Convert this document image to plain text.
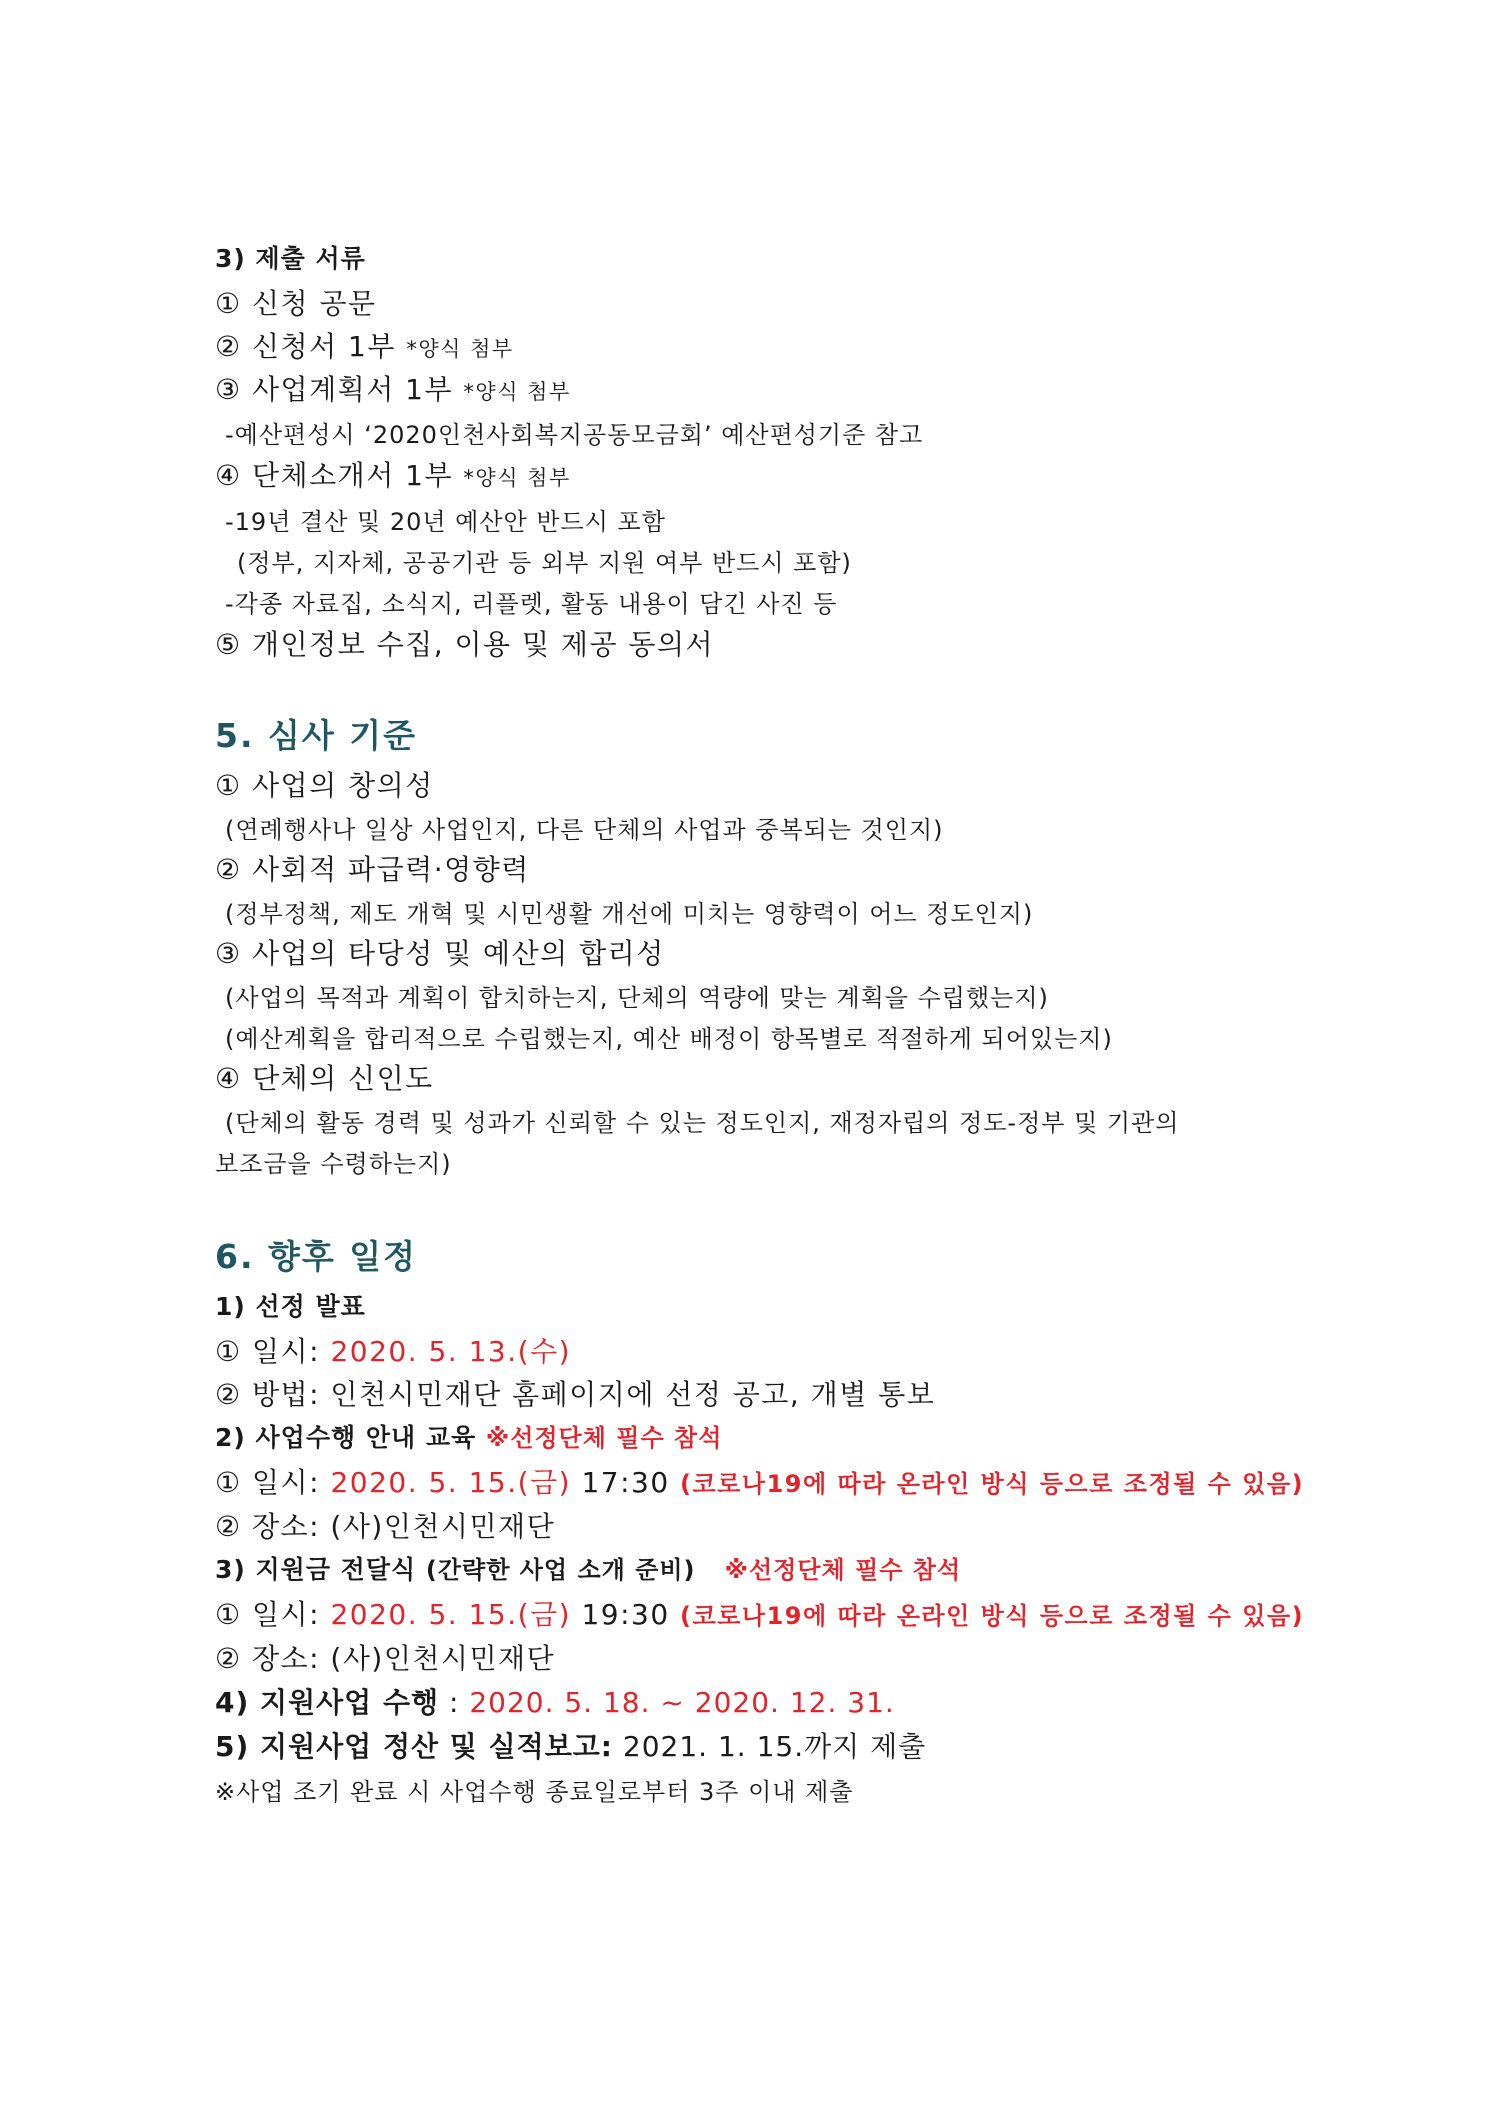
3) 제출 서류
① 신청 공문
② 신청서 1부 *양식 첨부
③ 사업계획서 1부 *양식 첨부
-예산편성시 ‘2020인천사회복지공동모금회’ 예산편성기준 참고
④ 단체소개서 1부 *양식 첨부
-19년 결산 및 20년 예산안 반드시 포함
(정부, 지자체, 공공기관 등 외부 지원 여부 반드시 포함)
-각종 자료집, 소식지, 리플렛, 활동 내용이 담긴 사진 등
⑤ 개인정보 수집, 이용 및 제공 동의서
5. 심사 기준
① 사업의 창의성
(연례행사나 일상 사업인지, 다른 단체의 사업과 중복되는 것인지)
② 사회적 파급력·영향력
(정부정책, 제도 개혁 및 시민생활 개선에 미치는 영향력이 어느 정도인지)
③ 사업의 타당성 및 예산의 합리성
(사업의 목적과 계획이 합치하는지, 단체의 역량에 맞는 계획을 수립했는지)
(예산계획을 합리적으로 수립했는지, 예산 배정이 항목별로 적절하게 되어있는지)
④ 단체의 신인도
(단체의 활동 경력 및 성과가 신뢰할 수 있는 정도인지, 재정자립의 정도-정부 및 기관의
보조금을 수령하는지)
6. 향후 일정
1) 선정 발표
① 일시: 2020. 5. 13.(수)
② 방법: 인천시민재단 홈페이지에 선정 공고, 개별 통보
2) 사업수행 안내 교육 ※선정단체 필수 참석
① 일시: 2020. 5. 15.(금) 17:30 (코로나19에 따라 온라인 방식 등으로 조정될 수 있음)
② 장소: (사)인천시민재단
3) 지원금 전달식 (간략한 사업 소개 준비) ※선정단체 필수 참석
① 일시: 2020. 5. 15.(금) 19:30 (코로나19에 따라 온라인 방식 등으로 조정될 수 있음)
② 장소: (사)인천시민재단
4) 지원사업 수행 : 2020. 5. 18. ~ 2020. 12. 31.
5) 지원사업 정산 및 실적보고: 2021. 1. 15.까지 제출
※사업 조기 완료 시 사업수행 종료일로부터 3주 이내 제출
